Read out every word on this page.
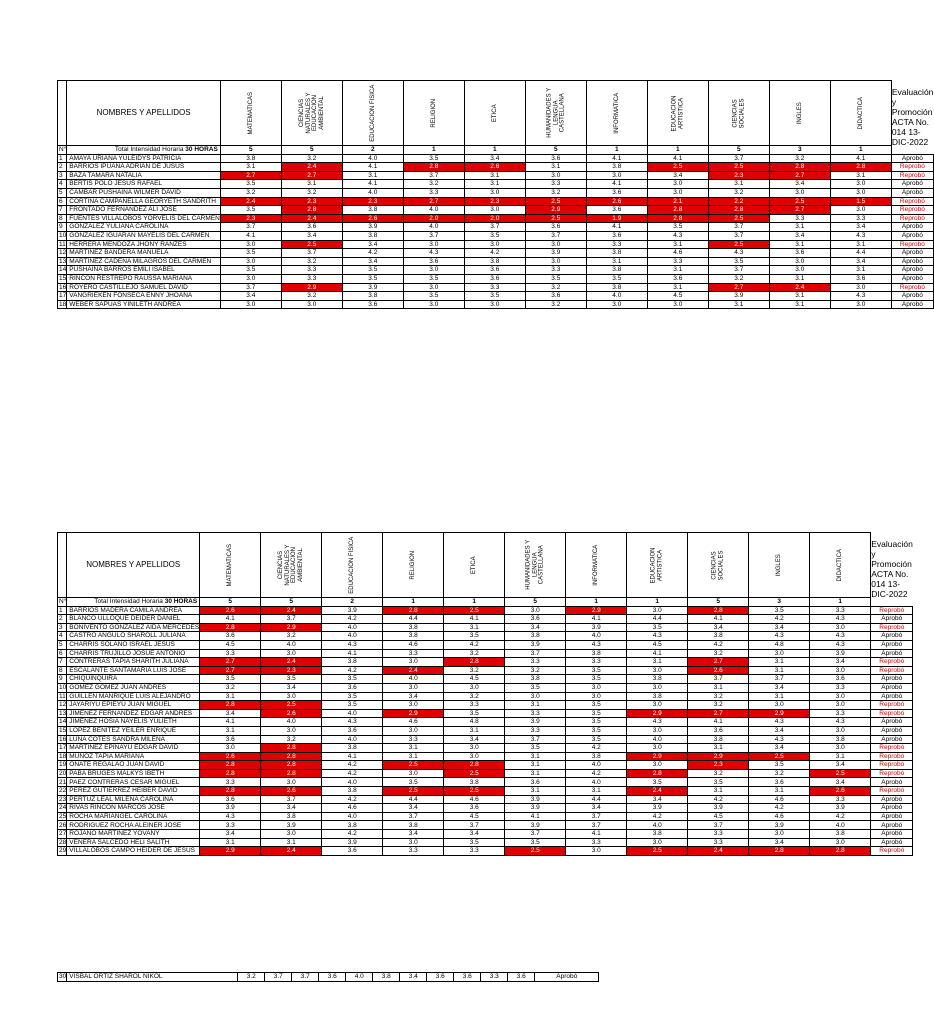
	NOMBRES Y APELLIDOS	MATEMATICAS	CIENCIAS NATURALES Y EDUCACION AMBIENTAL	EDUCACION FISICA	RELIGION	ETICA	HUMANIDADES Y LENGUA CASTELLANA	INFORMATICA	EDUCACION ARTISTICA	CIENCIAS SOCIALES	INGLES	DIDACTICA	Evaluación y Promoción ACTA No. 014 13-DIC-2022
N°	Total Intensidad Horaria 30 HORAS	5	5	2	1	1	5	1	1	5	3	1	
1	AMAYA URIANA YULEIDYS PATRICIA	3.8	3.2	4.0	3.5	3.4	3.6	4.1	4.1	3.7	3.2	4.1	Aprobó
2	BARRIOS IPUANA ADRIAN DE JUSUS	3.1	2.4	4.1	2.8	2.6	3.1	3.8	2.5	2.5	2.8	2.8	Reprobó
3	BAZA TAMARA NATALIA	2.7	2.7	3.1	3.7	3.1	3.0	3.0	3.4	2.3	2.7	3.1	Reprobó
4	BERTIS POLO JESUS RAFAEL	3.5	3.1	4.1	3.2	3.1	3.3	4.1	3.0	3.1	3.4	3.0	Aprobó
5	CAMBAR PUSHAINA WILMER DAVID	3.2	3.2	4.0	3.3	3.0	3.2	3.6	3.0	3.2	3.0	3.0	Aprobó
6	CORTINA CAMPANELLA GEORYETH SANDRITH	2.4	2.3	2.3	2.7	2.3	2.5	2.6	2.1	2.2	2.5	1.5	Reprobó
7	FRONTADO FERNANDEZ ALI JOSE	3.5	2.8	3.8	4.0	3.0	2.9	3.6	2.8	2.8	2.7	3.0	Reprobó
8	FUENTES VILLALOBOS YORVELIS DEL CARMEN	2.3	2.4	2.6	2.0	2.0	2.5	1.9	2.8	2.5	3.3	3.3	Reprobó
9	GONZALEZ YULIANA CAROLINA	3.7	3.6	3.9	4.0	3.7	3.6	4.1	3.5	3.7	3.1	3.4	Aprobó
10	GONZALEZ IGUARAN MAYELIS DEL CARMEN	4.1	3.4	3.8	3.7	3.5	3.7	3.6	4.3	3.7	3.4	4.3	Aprobó
11	HERRERA MENDOZA JHONY RANZES	3.0	2.5	3.4	3.0	3.0	3.0	3.3	3.1	2.5	3.1	3.1	Reprobó
12	MARTINEZ BANDERA MANUELA	3.5	3.7	4.2	4.3	4.2	3.9	3.8	4.6	4.3	3.6	4.4	Aprobó
13	MARTINEZ CADENA MILAGROS DEL CARMEN	3.0	3.2	3.4	3.6	3.8	3.0	3.1	3.3	3.5	3.0	3.4	Aprobó
14	PUSHAINA BARROS EMILI ISABEL	3.5	3.3	3.5	3.0	3.6	3.3	3.8	3.1	3.7	3.0	3.1	Aprobó
15	RINCON RESTREPO RAUSSA MARIANA	3.0	3.3	3.5	3.5	3.6	3.5	3.5	3.6	3.2	3.1	3.6	Aprobó
16	ROYERO CASTILLEJO SAMUEL DAVID	3.7	2.9	3.9	3.0	3.3	3.2	3.8	3.1	2.7	2.4	3.0	Reprobó
17	VANGRIEKEN FONSECA ENNY JHOANA	3.4	3.2	3.8	3.5	3.5	3.6	4.0	4.5	3.9	3.1	4.3	Aprobó
18	WEBER SAPUAS YINILETH ANDREA	3.0	3.0	3.6	3.0	3.0	3.2	3.0	3.0	3.1	3.1	3.0	Aprobó
	NOMBRES Y APELLIDOS	MATEMATICAS	CIENCIAS NATURALES Y EDUCACION AMBIENTAL	EDUCACION FISICA	RELIGION	ETICA	HUMANIDADES Y LENGUA CASTELLANA	INFORMATICA	EDUCACION ARTISTICA	CIENCIAS SOCIALES	INGLES	DIDACTICA	Evaluación y Promoción ACTA No. 014 13-DIC-2022
N°	Total Intensidad Horaria 30 HORAS	5	5	2	1	1	5	1	1	5	3	1	
1	BARRIOS MADERA CAMILA ANDREA	2.6	2.4	3.9	2.8	2.5	3.0	2.9	3.0	2.8	3.5	3.3	Reprobó
2	BLANCO ULLOQUE DEIDER DANIEL	4.1	3.7	4.2	4.4	4.1	3.6	4.1	4.4	4.1	4.2	4.3	Aprobó
3	BONIVENTO GONZALEZ AIDA MERCEDES	2.8	2.9	4.0	3.8	3.1	3.4	3.9	3.5	3.4	3.4	3.0	Reprobó
4	CASTRO ANGULO SHAROLL JULIANA	3.6	3.2	4.0	3.8	3.5	3.8	4.0	4.3	3.8	4.3	4.3	Aprobó
5	CHARRIS SOLANO ISRAEL JESUS	4.5	4.0	4.3	4.6	4.2	3.9	4.3	4.5	4.2	4.8	4.3	Aprobó
6	CHARRIS TRUJILLO JOSUE ANTONIO	3.3	3.0	4.1	3.3	3.2	3.7	3.8	4.1	3.2	3.0	3.9	Aprobó
7	CONTRERAS TAPIA SHARITH JULIANA	2.7	2.4	3.8	3.0	2.8	3.3	3.3	3.1	2.7	3.1	3.4	Reprobó
8	ESCALANTE SANTAMARIA LUIS JOSE	2.7	2.3	4.2	2.4	3.2	3.2	3.5	3.0	2.6	3.1	3.0	Reprobó
9	CHIQUINQUIRA	3.5	3.5	3.5	4.0	4.5	3.8	3.5	3.8	3.7	3.7	3.6	Aprobó
10	GOMEZ GOMEZ JUAN ANDRES	3.2	3.4	3.6	3.0	3.0	3.5	3.0	3.0	3.1	3.4	3.3	Aprobó
11	GUILLEN MANRIQUE LUIS ALEJANDRO	3.1	3.0	3.5	3.4	3.2	3.0	3.0	3.8	3.2	3.1	3.0	Aprobó
12	JAYARIYU EPIEYU JUAN MIGUEL	2.8	2.5	3.5	3.0	3.3	3.1	3.5	3.0	3.2	3.0	3.0	Reprobó
13	JIMENEZ FERNANDEZ EDGAR ANDRES	3.4	2.6	4.0	2.9	3.5	3.3	3.5	2.9	2.7	2.9	3.3	Reprobó
14	JIMENEZ HOSIA NAYELIS YULIETH	4.1	4.0	4.3	4.6	4.8	3.9	3.5	4.3	4.1	4.3	4.3	Aprobó
15	LOPEZ BENITEZ YEILER ENRIQUE	3.1	3.0	3.6	3.0	3.1	3.3	3.5	3.0	3.6	3.4	3.0	Aprobó
16	LUNA COTES SANDRA MILENA	3.6	3.2	4.0	3.3	3.4	3.7	3.5	4.0	3.8	4.3	3.8	Aprobó
17	MARTINEZ EPINAYU EDGAR DAVID	3.0	2.8	3.8	3.1	3.0	3.5	4.2	3.0	3.1	3.4	3.0	Reprobó
18	MUÑOZ TAPIA MARIANA	2.6	2.8	4.1	3.1	3.0	3.1	3.8	2.9	2.9	2.5	3.1	Reprobó
19	OÑATE REGALAO JUAN DAVID	2.8	2.8	4.2	2.5	2.8	3.1	4.0	3.0	2.3	3.5	3.4	Reprobó
20	PABA BRUGES MALKYS IBETH	2.8	2.8	4.2	3.0	2.5	3.1	4.2	2.8	3.2	3.2	2.5	Reprobó
21	PAEZ CONTRERAS CESAR MIGUEL	3.3	3.0	4.0	3.5	3.8	3.6	4.0	3.5	3.5	3.6	3.4	Aprobó
22	PEREZ GUTIERREZ HEIBER DAVID	2.8	2.6	3.8	2.5	2.5	3.1	3.1	2.4	3.1	3.1	2.6	Reprobó
23	PERTUZ LEAL MILENA CAROLINA	3.6	3.7	4.2	4.4	4.6	3.9	4.4	3.4	4.2	4.6	3.3	Aprobó
24	RIVAS RINCON MARCOS JOSE	3.9	3.4	4.6	3.4	3.6	3.9	3.4	3.9	3.9	4.2	3.9	Aprobó
25	ROCHA MARIANGEL CAROLINA	4.3	3.8	4.0	3.7	4.5	4.1	3.7	4.2	4.5	4.6	4.2	Aprobó
26	RODRIGUEZ ROCHA ALEINER JOSE	3.3	3.9	3.8	3.8	3.7	3.9	3.7	4.0	3.7	3.9	4.0	Aprobó
27	ROJANO MARTINEZ YOVANY	3.4	3.0	4.2	3.4	3.4	3.7	4.1	3.8	3.3	3.0	3.8	Aprobó
28	VENERA SALCEDO HELI SALITH	3.1	3.1	3.9	3.0	3.5	3.5	3.3	3.0	3.3	3.4	3.0	Aprobó
29	VILLALOBOS CAMPO HEIDER DE JESUS	2.9	2.4	3.6	3.3	3.3	2.5	3.0	2.5	2.4	2.8	2.8	Reprobó
30	VISBAL ORTIZ SHAROL NIKOL	3.2	3.7	3.7	3.6	4.0	3.8	3.4	3.6	3.6	3.3	3.6	Aprobó
